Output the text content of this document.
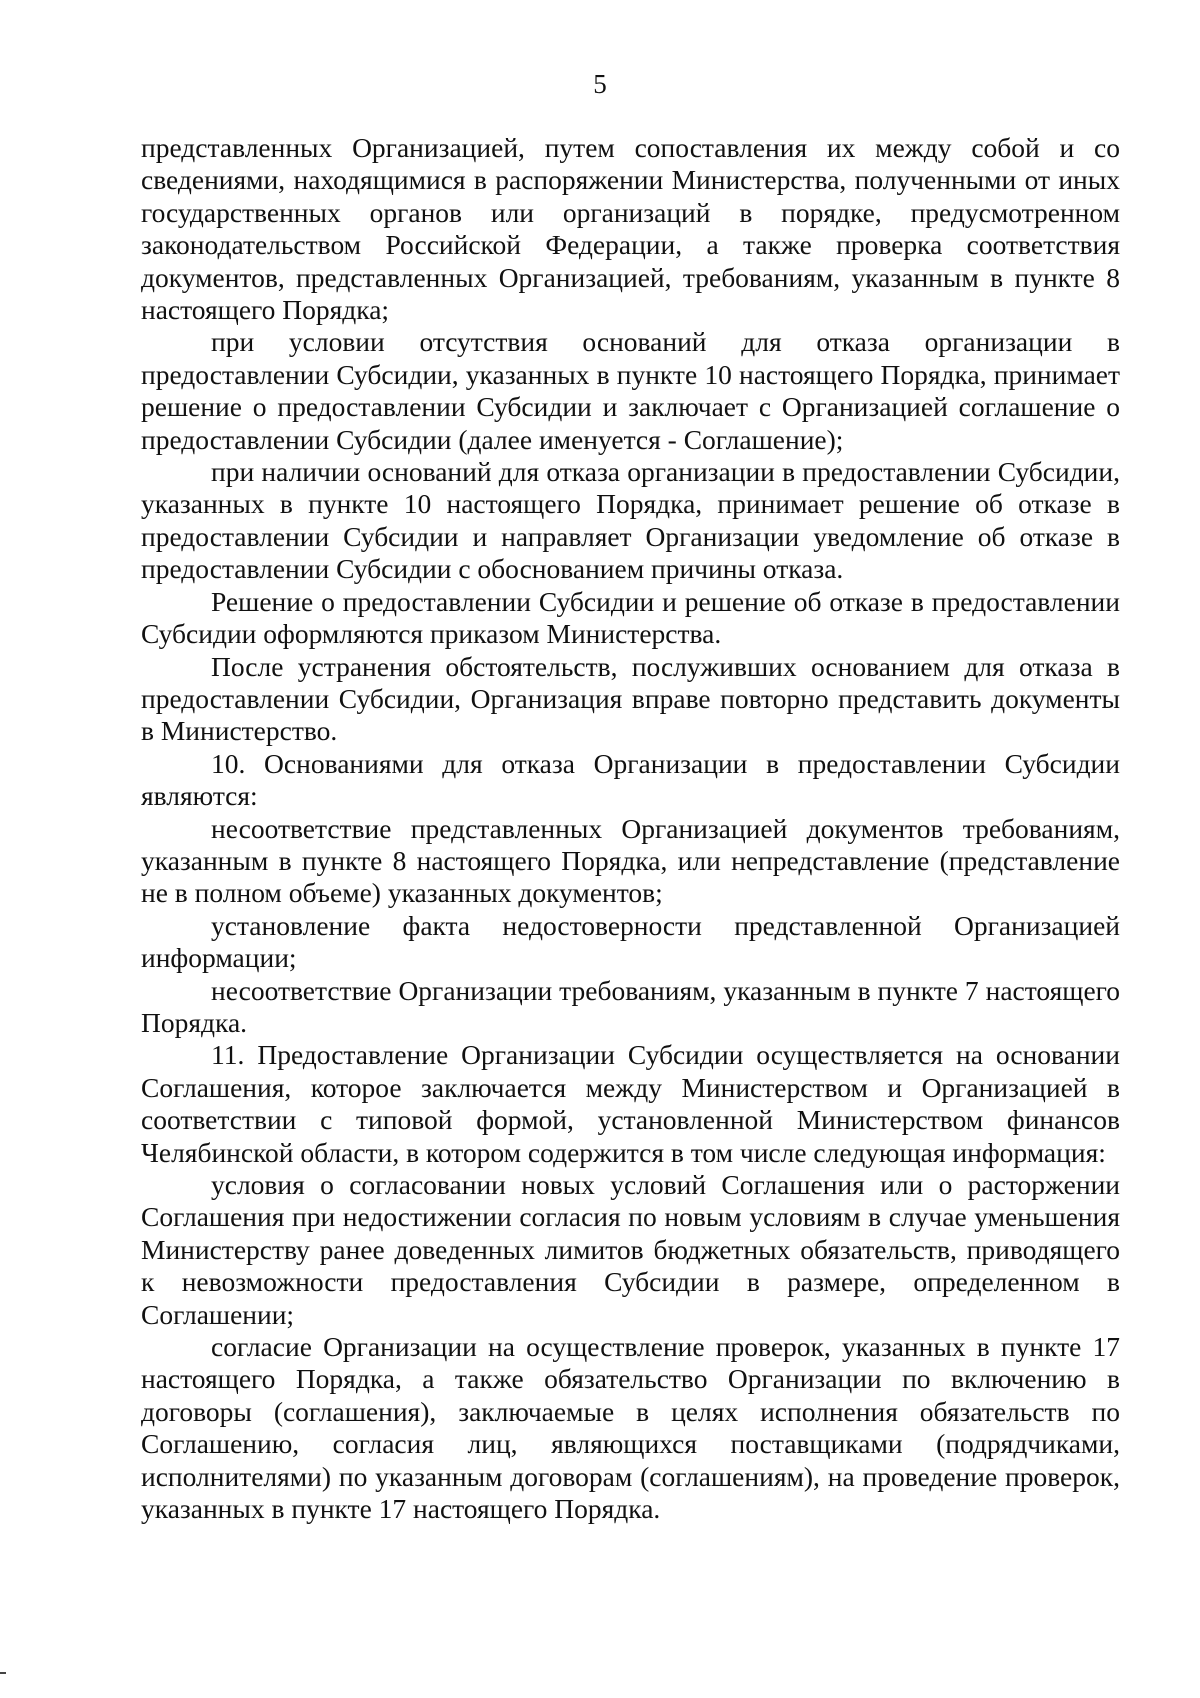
5

представленных Организацией, путем сопоставления их между собой и со сведениями, находящимися в распоряжении Министерства, полученными от иных государственных органов или организаций в порядке, предусмотренном законодательством Российской Федерации, а также проверка соответствия документов, представленных Организацией, требованиям, указанным в пункте 8 настоящего Порядка;

при условии отсутствия оснований для отказа организации в предоставлении Субсидии, указанных в пункте 10 настоящего Порядка, принимает решение о предоставлении Субсидии и заключает с Организацией соглашение о предоставлении Субсидии (далее именуется - Соглашение);

при наличии оснований для отказа организации в предоставлении Субсидии, указанных в пункте 10 настоящего Порядка, принимает решение об отказе в предоставлении Субсидии и направляет Организации уведомление об отказе в предоставлении Субсидии с обоснованием причины отказа.

Решение о предоставлении Субсидии и решение об отказе в предоставлении Субсидии оформляются приказом Министерства.

После устранения обстоятельств, послуживших основанием для отказа в предоставлении Субсидии, Организация вправе повторно представить документы в Министерство.

10. Основаниями для отказа Организации в предоставлении Субсидии являются:

несоответствие представленных Организацией документов требованиям, указанным в пункте 8 настоящего Порядка, или непредставление (представление не в полном объеме) указанных документов;

установление факта недостоверности представленной Организацией информации;

несоответствие Организации требованиям, указанным в пункте 7 настоящего Порядка.

11. Предоставление Организации Субсидии осуществляется на основании Соглашения, которое заключается между Министерством и Организацией в соответствии с типовой формой, установленной Министерством финансов Челябинской области, в котором содержится в том числе следующая информация:

условия о согласовании новых условий Соглашения или о расторжении Соглашения при недостижении согласия по новым условиям в случае уменьшения Министерству ранее доведенных лимитов бюджетных обязательств, приводящего к невозможности предоставления Субсидии в размере, определенном в Соглашении;

согласие Организации на осуществление проверок, указанных в пункте 17 настоящего Порядка, а также обязательство Организации по включению в договоры (соглашения), заключаемые в целях исполнения обязательств по Соглашению, согласия лиц, являющихся поставщиками (подрядчиками, исполнителями) по указанным договорам (соглашениям), на проведение проверок, указанных в пункте 17 настоящего Порядка.
